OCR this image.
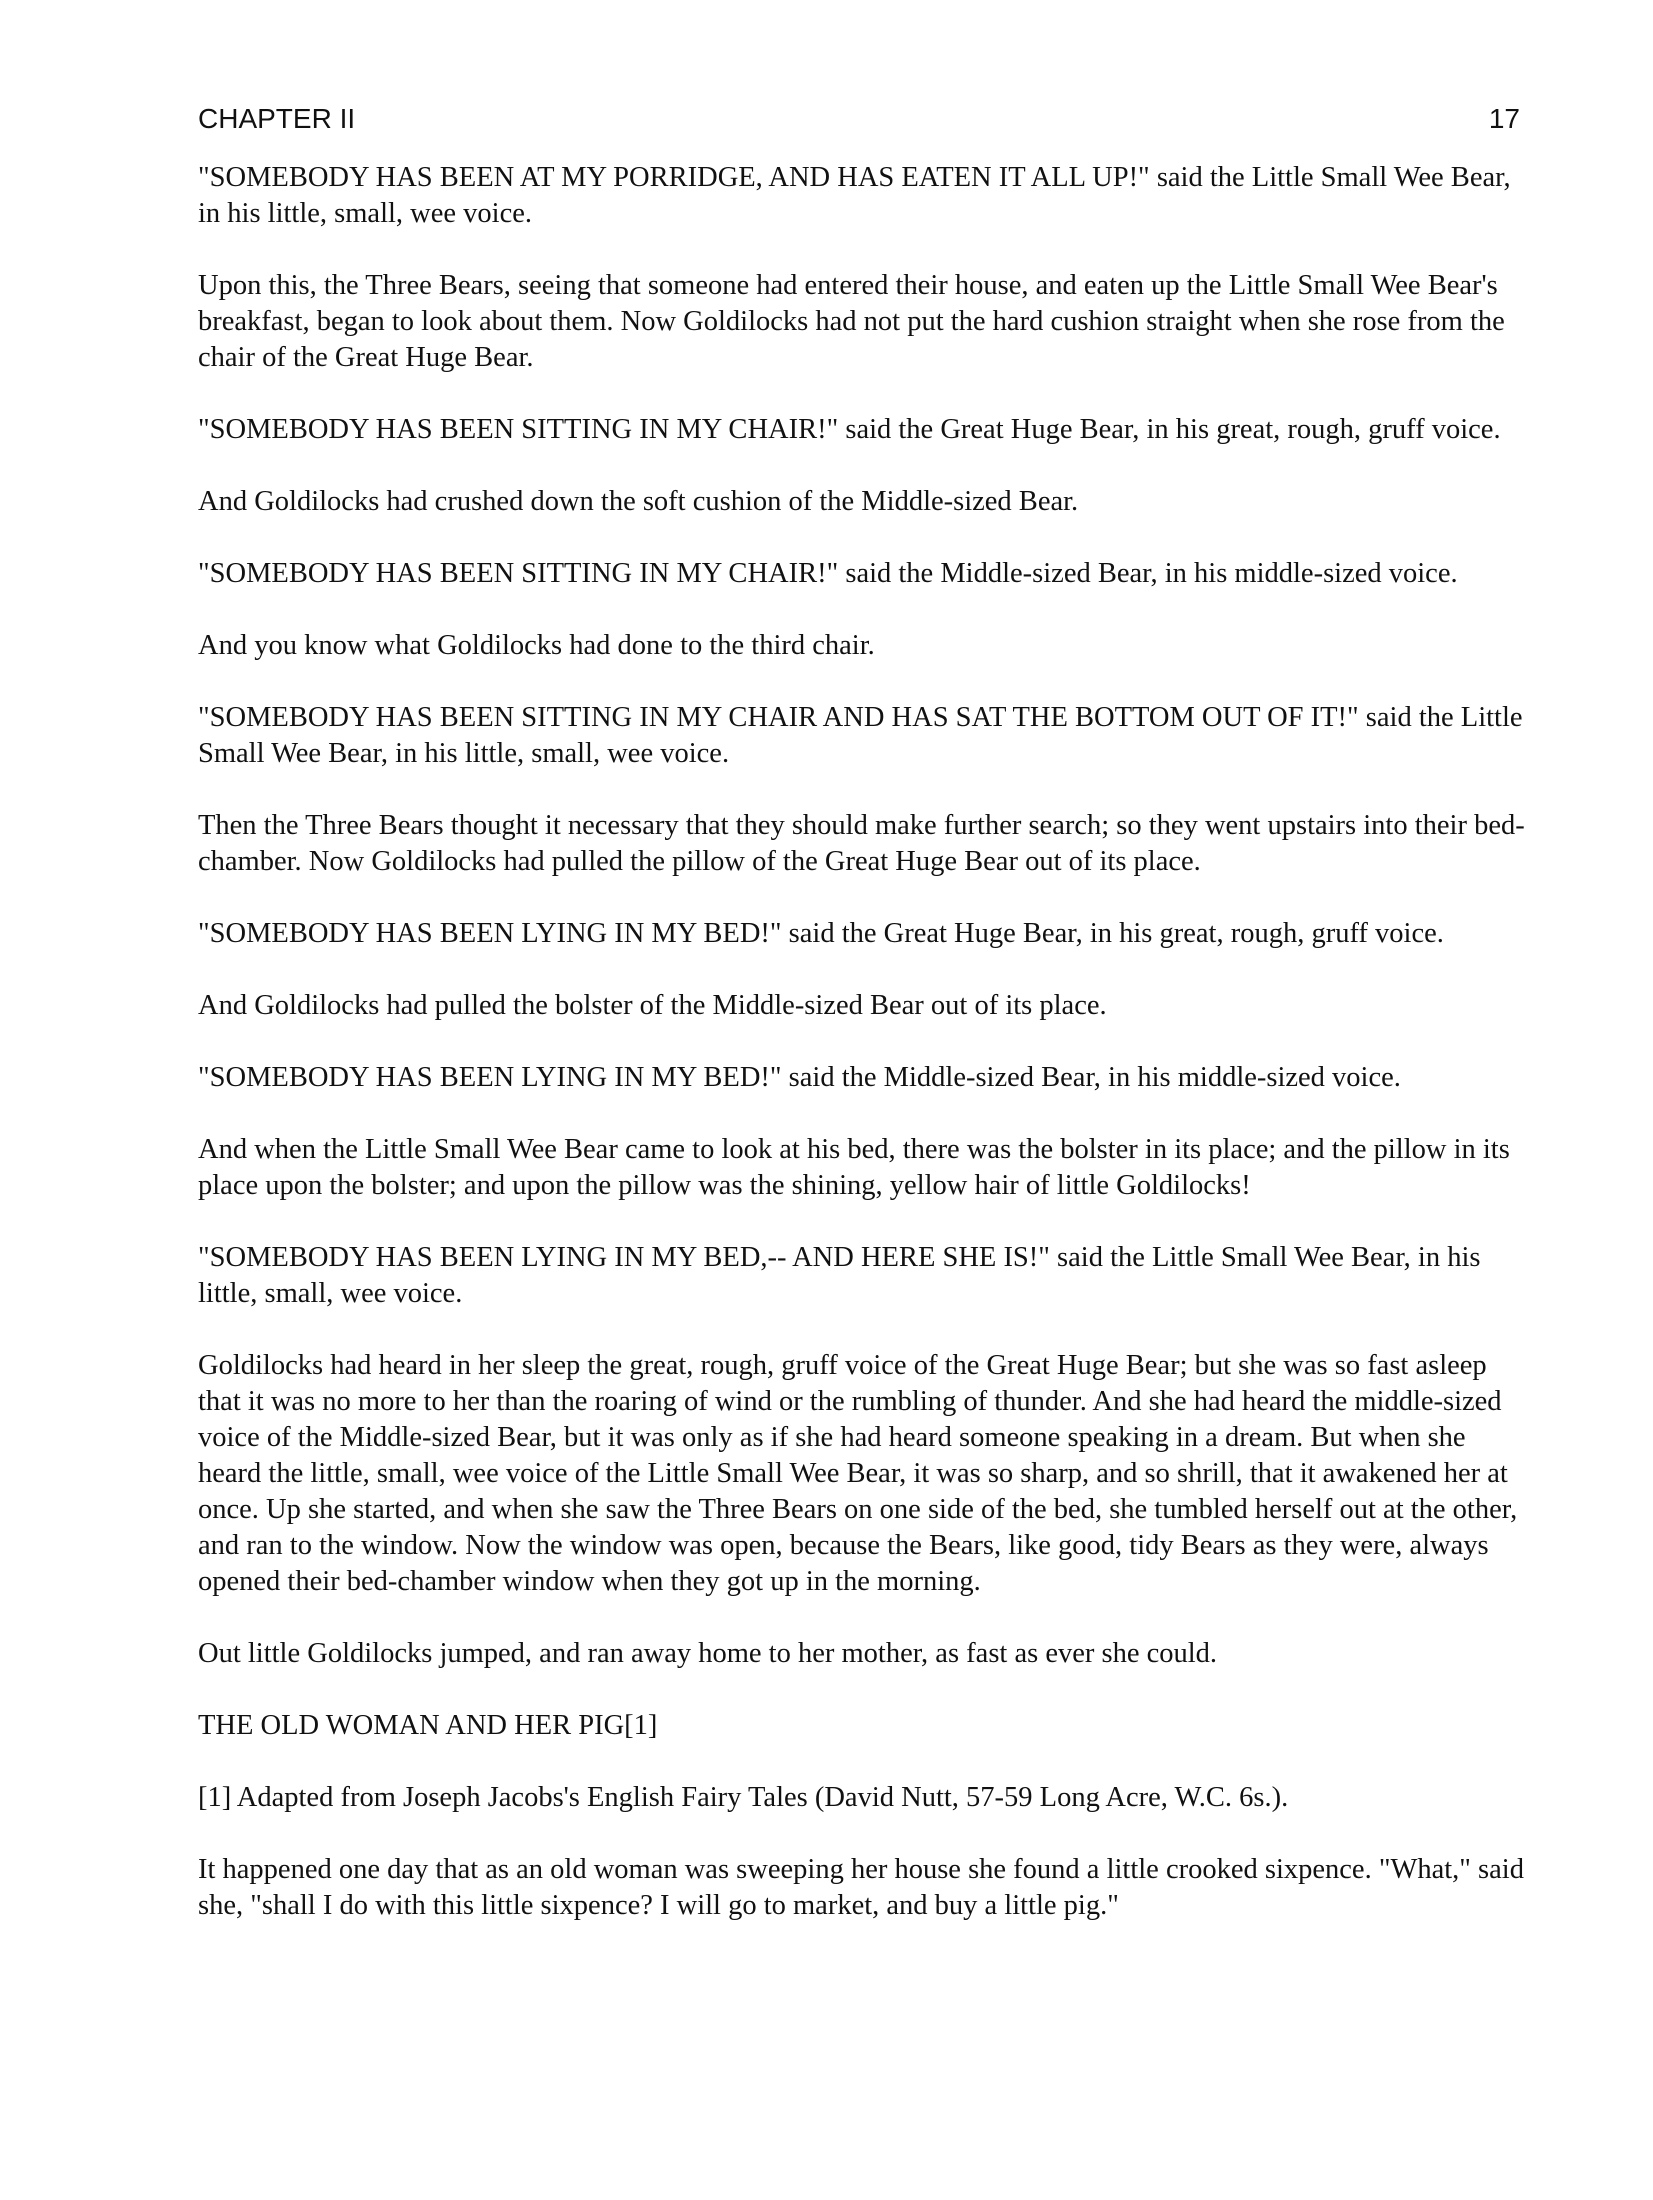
CHAPTER II	17

"SOMEBODY HAS BEEN AT MY PORRIDGE, AND HAS EATEN IT ALL UP!" said the Little Small Wee Bear, in his little, small, wee voice.

Upon this, the Three Bears, seeing that someone had entered their house, and eaten up the Little Small Wee Bear's breakfast, began to look about them. Now Goldilocks had not put the hard cushion straight when she rose from the chair of the Great Huge Bear.

"SOMEBODY HAS BEEN SITTING IN MY CHAIR!" said the Great Huge Bear, in his great, rough, gruff voice.

And Goldilocks had crushed down the soft cushion of the Middle-sized Bear.

"SOMEBODY HAS BEEN SITTING IN MY CHAIR!" said the Middle-sized Bear, in his middle-sized voice.

And you know what Goldilocks had done to the third chair.

"SOMEBODY HAS BEEN SITTING IN MY CHAIR AND HAS SAT THE BOTTOM OUT OF IT!" said the Little Small Wee Bear, in his little, small, wee voice.

Then the Three Bears thought it necessary that they should make further search; so they went upstairs into their bed-chamber. Now Goldilocks had pulled the pillow of the Great Huge Bear out of its place.

"SOMEBODY HAS BEEN LYING IN MY BED!" said the Great Huge Bear, in his great, rough, gruff voice.

And Goldilocks had pulled the bolster of the Middle-sized Bear out of its place.

"SOMEBODY HAS BEEN LYING IN MY BED!" said the Middle-sized Bear, in his middle-sized voice.

And when the Little Small Wee Bear came to look at his bed, there was the bolster in its place; and the pillow in its place upon the bolster; and upon the pillow was the shining, yellow hair of little Goldilocks!

"SOMEBODY HAS BEEN LYING IN MY BED,-- AND HERE SHE IS!" said the Little Small Wee Bear, in his little, small, wee voice.

Goldilocks had heard in her sleep the great, rough, gruff voice of the Great Huge Bear; but she was so fast asleep that it was no more to her than the roaring of wind or the rumbling of thunder. And she had heard the middle-sized voice of the Middle-sized Bear, but it was only as if she had heard someone speaking in a dream. But when she heard the little, small, wee voice of the Little Small Wee Bear, it was so sharp, and so shrill, that it awakened her at once. Up she started, and when she saw the Three Bears on one side of the bed, she tumbled herself out at the other, and ran to the window. Now the window was open, because the Bears, like good, tidy Bears as they were, always opened their bed-chamber window when they got up in the morning.

Out little Goldilocks jumped, and ran away home to her mother, as fast as ever she could.

THE OLD WOMAN AND HER PIG[1]

[1] Adapted from Joseph Jacobs's English Fairy Tales (David Nutt, 57-59 Long Acre, W.C. 6s.).

It happened one day that as an old woman was sweeping her house she found a little crooked sixpence. "What," said she, "shall I do with this little sixpence? I will go to market, and buy a little pig."
